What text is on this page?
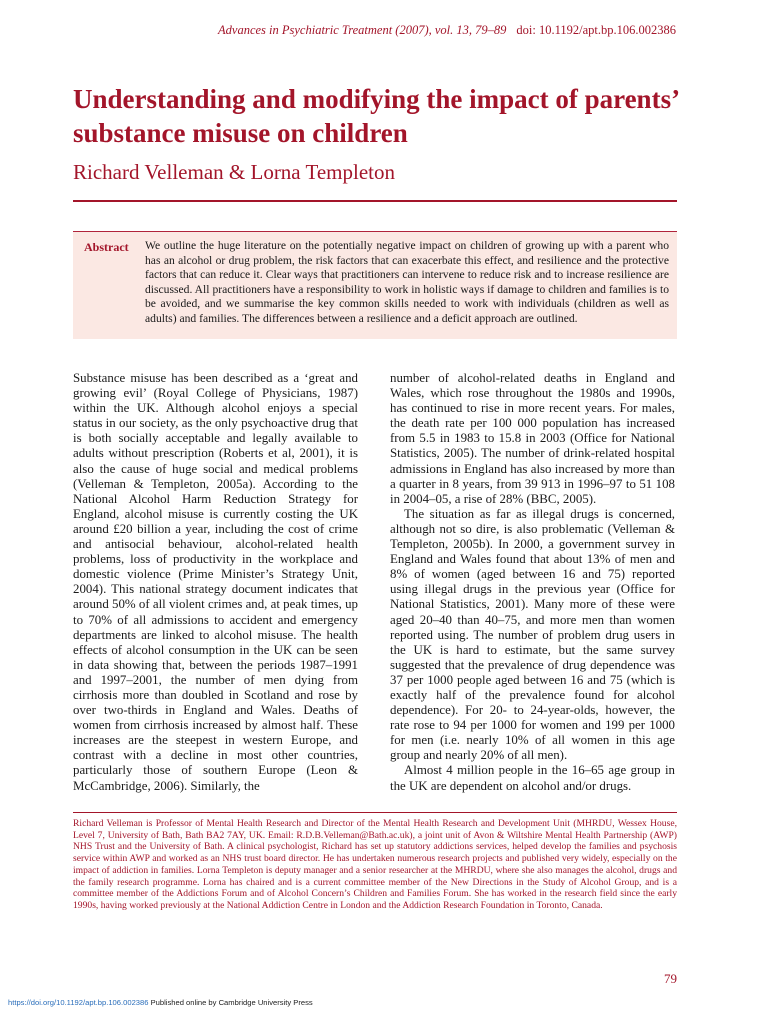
Advances in Psychiatric Treatment (2007), vol. 13, 79–89 doi: 10.1192/apt.bp.106.002386
Understanding and modifying the impact of parents’ substance misuse on children
Richard Velleman & Lorna Templeton
Abstract We outline the huge literature on the potentially negative impact on children of growing up with a parent who has an alcohol or drug problem, the risk factors that can exacerbate this effect, and resilience and the protective factors that can reduce it. Clear ways that practitioners can intervene to reduce risk and to increase resilience are discussed. All practitioners have a responsibility to work in holistic ways if damage to children and families is to be avoided, and we summarise the key common skills needed to work with individuals (children as well as adults) and families. The differences between a resilience and a deficit approach are outlined.

Substance misuse has been described as a ‘great and growing evil’ (Royal College of Physicians, 1987) within the UK. Although alcohol enjoys a special status in our society, as the only psychoactive drug that is both socially acceptable and legally available to adults without prescription (Roberts et al, 2001), it is also the cause of huge social and medical problems (Velleman & Templeton, 2005a). According to the National Alcohol Harm Reduction Strategy for England, alcohol misuse is currently costing the UK around £20 billion a year, including the cost of crime and antisocial behaviour, alcohol-related health problems, loss of productivity in the workplace and domestic violence (Prime Minister’s Strategy Unit, 2004). This national strategy document indicates that around 50% of all violent crimes and, at peak times, up to 70% of all admissions to accident and emergency departments are linked to alcohol misuse. The health effects of alcohol consumption in the UK can be seen in data showing that, between the periods 1987–1991 and 1997–2001, the number of men dying from cirrhosis more than doubled in Scotland and rose by over two-thirds in England and Wales. Deaths of women from cirrhosis increased by almost half. These increases are the steepest in western Europe, and contrast with a decline in most other countries, particularly those of southern Europe (Leon & McCambridge, 2006). Similarly, the

number of alcohol-related deaths in England and Wales, which rose throughout the 1980s and 1990s, has continued to rise in more recent years. For males, the death rate per 100 000 population has increased from 5.5 in 1983 to 15.8 in 2003 (Office for National Statistics, 2005). The number of drink-related hospital admissions in England has also increased by more than a quarter in 8 years, from 39 913 in 1996–97 to 51 108 in 2004–05, a rise of 28% (BBC, 2005).

The situation as far as illegal drugs is concerned, although not so dire, is also problematic (Velleman & Templeton, 2005b). In 2000, a government survey in England and Wales found that about 13% of men and 8% of women (aged between 16 and 75) reported using illegal drugs in the previous year (Office for National Statistics, 2001). Many more of these were aged 20–40 than 40–75, and more men than women reported using. The number of problem drug users in the UK is hard to estimate, but the same survey suggested that the prevalence of drug dependence was 37 per 1000 people aged between 16 and 75 (which is exactly half of the prevalence found for alcohol dependence). For 20- to 24-year-olds, however, the rate rose to 94 per 1000 for women and 199 per 1000 for men (i.e. nearly 10% of all women in this age group and nearly 20% of all men).

Almost 4 million people in the 16–65 age group in the UK are dependent on alcohol and/or drugs.

Richard Velleman is Professor of Mental Health Research and Director of the Mental Health Research and Development Unit (MHRDU, Wessex House, Level 7, University of Bath, Bath BA2 7AY, UK. Email: R.D.B.Velleman@Bath.ac.uk), a joint unit of Avon & Wiltshire Mental Health Partnership (AWP) NHS Trust and the University of Bath. A clinical psychologist, Richard has set up statutory addictions services, helped develop the families and psychosis service within AWP and worked as an NHS trust board director. He has undertaken numerous research projects and published very widely, especially on the impact of addiction in families. Lorna Templeton is deputy manager and a senior researcher at the MHRDU, where she also manages the alcohol, drugs and the family research programme. Lorna has chaired and is a current committee member of the New Directions in the Study of Alcohol Group, and is a committee member of the Addictions Forum and of Alcohol Concern’s Children and Families Forum. She has worked in the research field since the early 1990s, having worked previously at the National Addiction Centre in London and the Addiction Research Foundation in Toronto, Canada.

79
https://doi.org/10.1192/apt.bp.106.002386 Published online by Cambridge University Press
